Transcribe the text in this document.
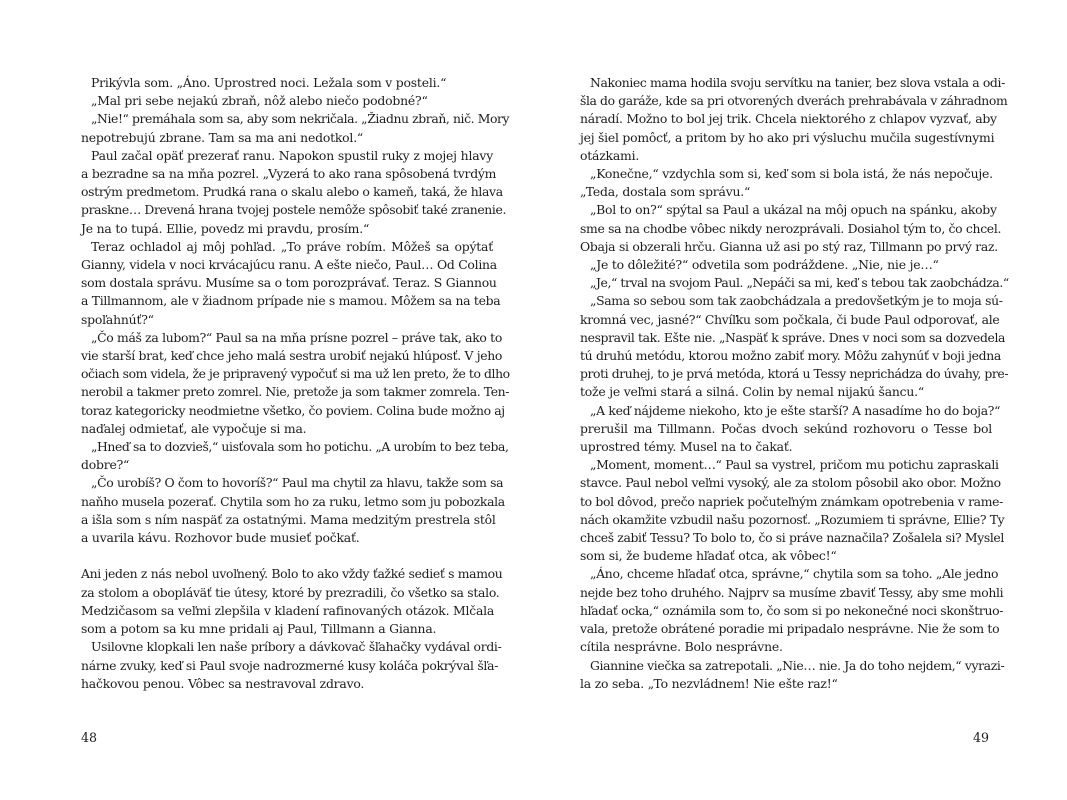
Prikývla som. „Áno. Uprostred noci. Ležala som v posteli.“
„Mal pri sebe nejakú zbraň, nôž alebo niečo podobné?“
„Nie!“ premáhala som sa, aby som nekričala. „Žiadnu zbraň, nič. Mory
nepotrebujú zbrane. Tam sa ma ani nedotkol.“
Paul začal opäť prezerať ranu. Napokon spustil ruky z mojej hlavy
a bezradne sa na mňa pozrel. „Vyzerá to ako rana spôsobená tvrdým
ostrým predmetom. Prudká rana o skalu alebo o kameň, taká, že hlava
praskne… Drevená hrana tvojej postele nemôže spôsobiť také zranenie.
Je na to tupá. Ellie, povedz mi pravdu, prosím.“
Teraz ochladol aj môj pohľad. „To práve robím. Môžeš sa opýtať
Gianny, videla v noci krvácajúcu ranu. A ešte niečo, Paul… Od Colina
som dostala správu. Musíme sa o tom porozprávať. Teraz. S Giannou
a Tillmannom, ale v žiadnom prípade nie s mamou. Môžem sa na teba
spoľahnúť?“
„Čo máš za lubom?“ Paul sa na mňa prísne pozrel – práve tak, ako to
vie starší brat, keď chce jeho malá sestra urobiť nejakú hlúposť. V jeho
očiach som videla, že je pripravený vypočuť si ma už len preto, že to dlho
nerobil a takmer preto zomrel. Nie, pretože ja som takmer zomrela. Ten-
toraz kategoricky neodmietne všetko, čo poviem. Colina bude možno aj
naďalej odmietať, ale vypočuje si ma.
„Hneď sa to dozvieš,“ uisťovala som ho potichu. „A urobím to bez teba,
dobre?“
„Čo urobíš? O čom to hovoríš?“ Paul ma chytil za hlavu, takže som sa
naňho musela pozerať. Chytila som ho za ruku, letmo som ju pobozkala
a išla som s ním naspäť za ostatnými. Mama medzitým prestrela stôl
a uvarila kávu. Rozhovor bude musieť počkať.

Ani jeden z nás nebol uvoľnený. Bolo to ako vždy ťažké sedieť s mamou
za stolom a obopláväť tie útesy, ktoré by prezradili, čo všetko sa stalo.
Medzičasom sa veľmi zlepšila v kladení rafinovaných otázok. Mlčala
som a potom sa ku mne pridali aj Paul, Tillmann a Gianna.
Usilovne klopkali len naše príbory a dávkovač šľahačky vydával ordi-
nárne zvuky, keď si Paul svoje nadrozmerné kusy koláča pokrýval šľa-
hačkovou penou. Vôbec sa nestravoval zdravo.
Nakoniec mama hodila svoju servítku na tanier, bez slova vstala a odi-
šla do garáže, kde sa pri otvorených dverách prehrabávala v záhradnom
náradí. Možno to bol jej trik. Chcela niektorého z chlapov vyzvať, aby
jej šiel pomôcť, a pritom by ho ako pri výsluchu mučila sugestívnymi
otázkami.
„Konečne,“ vzdychla som si, keď som si bola istá, že nás nepočuje.
„Teda, dostala som správu.“
„Bol to on?“ spýtal sa Paul a ukázal na môj opuch na spánku, akoby
sme sa na chodbe vôbec nikdy nerozprávali. Dosiahol tým to, čo chcel.
Obaja si obzerali hrču. Gianna už asi po stý raz, Tillmann po prvý raz.
„Je to dôležité?“ odvetila som podráždene. „Nie, nie je…“
„Je,“ trval na svojom Paul. „Nepáči sa mi, keď s tebou tak zaobchádza.“
„Sama so sebou som tak zaobchádzala a predovšetkým je to moja sú-
kromná vec, jasné?“ Chvíľku som počkala, či bude Paul odporovať, ale
nespravil tak. Ešte nie. „Naspäť k správe. Dnes v noci som sa dozvedela
tú druhú metódu, ktorou možno zabiť mory. Môžu zahynúť v boji jedna
proti druhej, to je prvá metóda, ktorá u Tessy neprichádza do úvahy, pre-
tože je veľmi stará a silná. Colin by nemal nijakú šancu.“
„A keď nájdeme niekoho, kto je ešte starší? A nasadíme ho do boja?“
prerušil ma Tillmann. Počas dvoch sekúnd rozhovoru o Tesse bol
uprostred témy. Musel na to čakať.
„Moment, moment…“ Paul sa vystrel, pričom mu potichu zapraskali
stavce. Paul nebol veľmi vysoký, ale za stolom pôsobil ako obor. Možno
to bol dôvod, prečo napriek počuteľným známkam opotrebenia v rame-
nách okamžite vzbudil našu pozornosť. „Rozumiem ti správne, Ellie? Ty
chceš zabiť Tessu? To bolo to, čo si práve naznačila? Zošalela si? Myslel
som si, že budeme hľadať otca, ak vôbec!“
„Áno, chceme hľadať otca, správne,“ chytila som sa toho. „Ale jedno
nejde bez toho druhého. Najprv sa musíme zbaviť Tessy, aby sme mohli
hľadať ocka,“ oznámila som to, čo som si po nekonečné noci skonštruo-
vala, pretože obrátené poradie mi pripadalo nesprávne. Nie že som to
cítila nesprávne. Bolo nesprávne.
Giannine viečka sa zatrepotali. „Nie… nie. Ja do toho nejdem,“ vyrazi-
la zo seba. „To nezvládnem! Nie ešte raz!“
48	49
